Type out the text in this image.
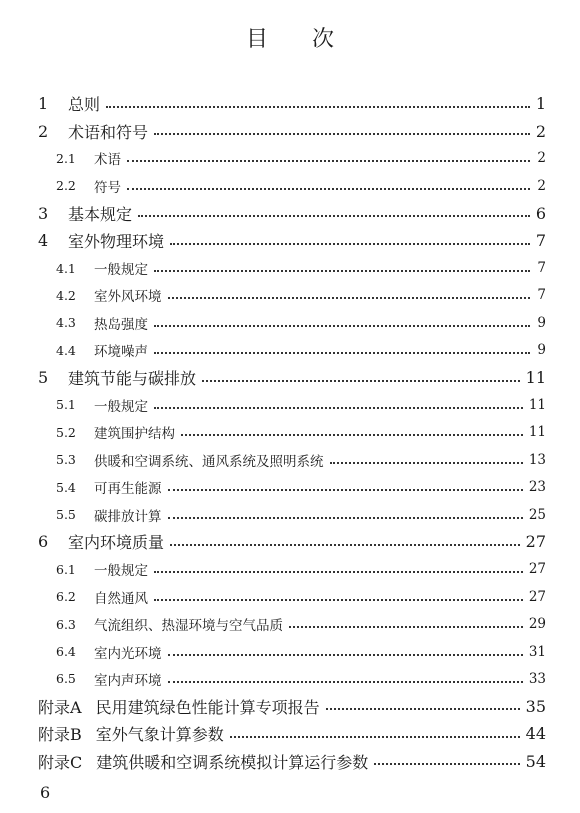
目 次
1	总则	1
2	术语和符号	2
2.1	术语	2
2.2	符号	2
3	基本规定	6
4	室外物理环境	7
4.1	一般规定	7
4.2	室外风环境	7
4.3	热岛强度	9
4.4	环境噪声	9
5	建筑节能与碳排放	11
5.1	一般规定	11
5.2	建筑围护结构	11
5.3	供暖和空调系统、通风系统及照明系统	13
5.4	可再生能源	23
5.5	碳排放计算	25
6	室内环境质量	27
6.1	一般规定	27
6.2	自然通风	27
6.3	气流组织、热湿环境与空气品质	29
6.4	室内光环境	31
6.5	室内声环境	33
附录A 民用建筑绿色性能计算专项报告	35
附录B 室外气象计算参数	44
附录C 建筑供暖和空调系统模拟计算运行参数	54
6
